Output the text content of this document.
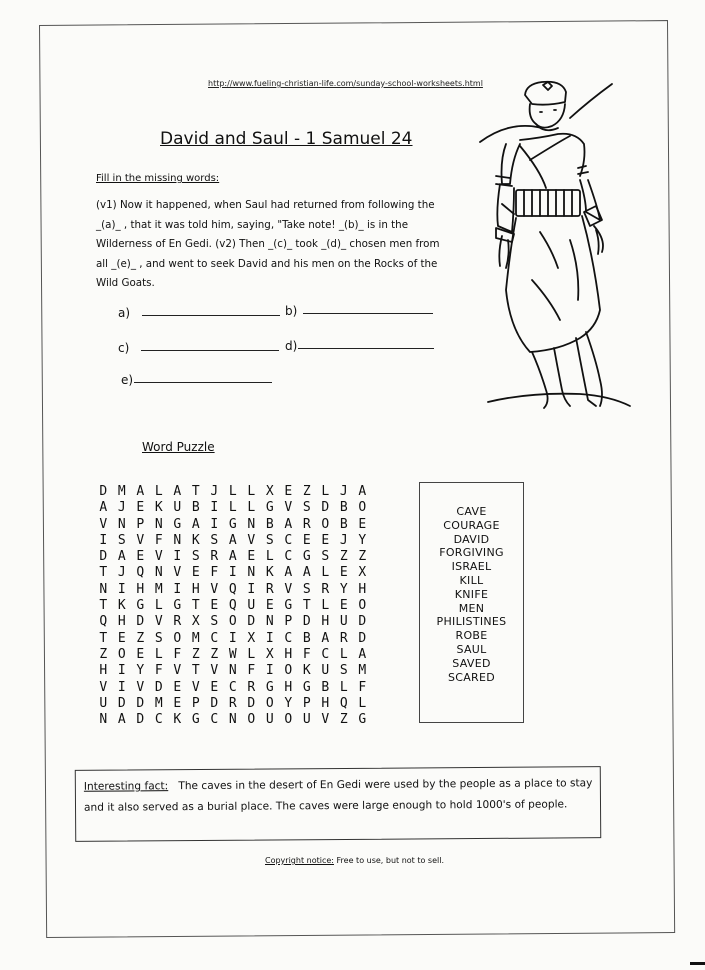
http://www.fueling-christian-life.com/sunday-school-worksheets.html
David and Saul - 1 Samuel 24
Fill in the missing words:
(v1) Now it happened, when Saul had returned from following the
_(a)_ , that it was told him, saying, "Take note! _(b)_ is in the
Wilderness of En Gedi. (v2) Then _(c)_ took _(d)_ chosen men from
all _(e)_ , and went to seek David and his men on the Rocks of the
Wild Goats.
a)	b)
c)	d)
e)
Word Puzzle
D M A L A T J L L X E Z L J A
A J E K U B I L L G V S D B O
V N P N G A I G N B A R O B E
I S V F N K S A V S C E E J Y
D A E V I S R A E L C G S Z Z
T J Q N V E F I N K A A L E X
N I H M I H V Q I R V S R Y H
T K G L G T E Q U E G T L E O
Q H D V R X S O D N P D H U D
T E Z S O M C I X I C B A R D
Z O E L F Z Z W L X H F C L A
H I Y F V T V N F I O K U S M
V I V D E V E C R G H G B L F
U D D M E P D R D O Y P H Q L
N A D C K G C N O U O U V Z G
CAVE
COURAGE
DAVID
FORGIVING
ISRAEL
KILL
KNIFE
MEN
PHILISTINES
ROBE
SAUL
SAVED
SCARED
Interesting fact: The caves in the desert of En Gedi were used by the people as a place to stay and it also served as a burial place. The caves were large enough to hold 1000's of people.
Copyright notice: Free to use, but not to sell.
